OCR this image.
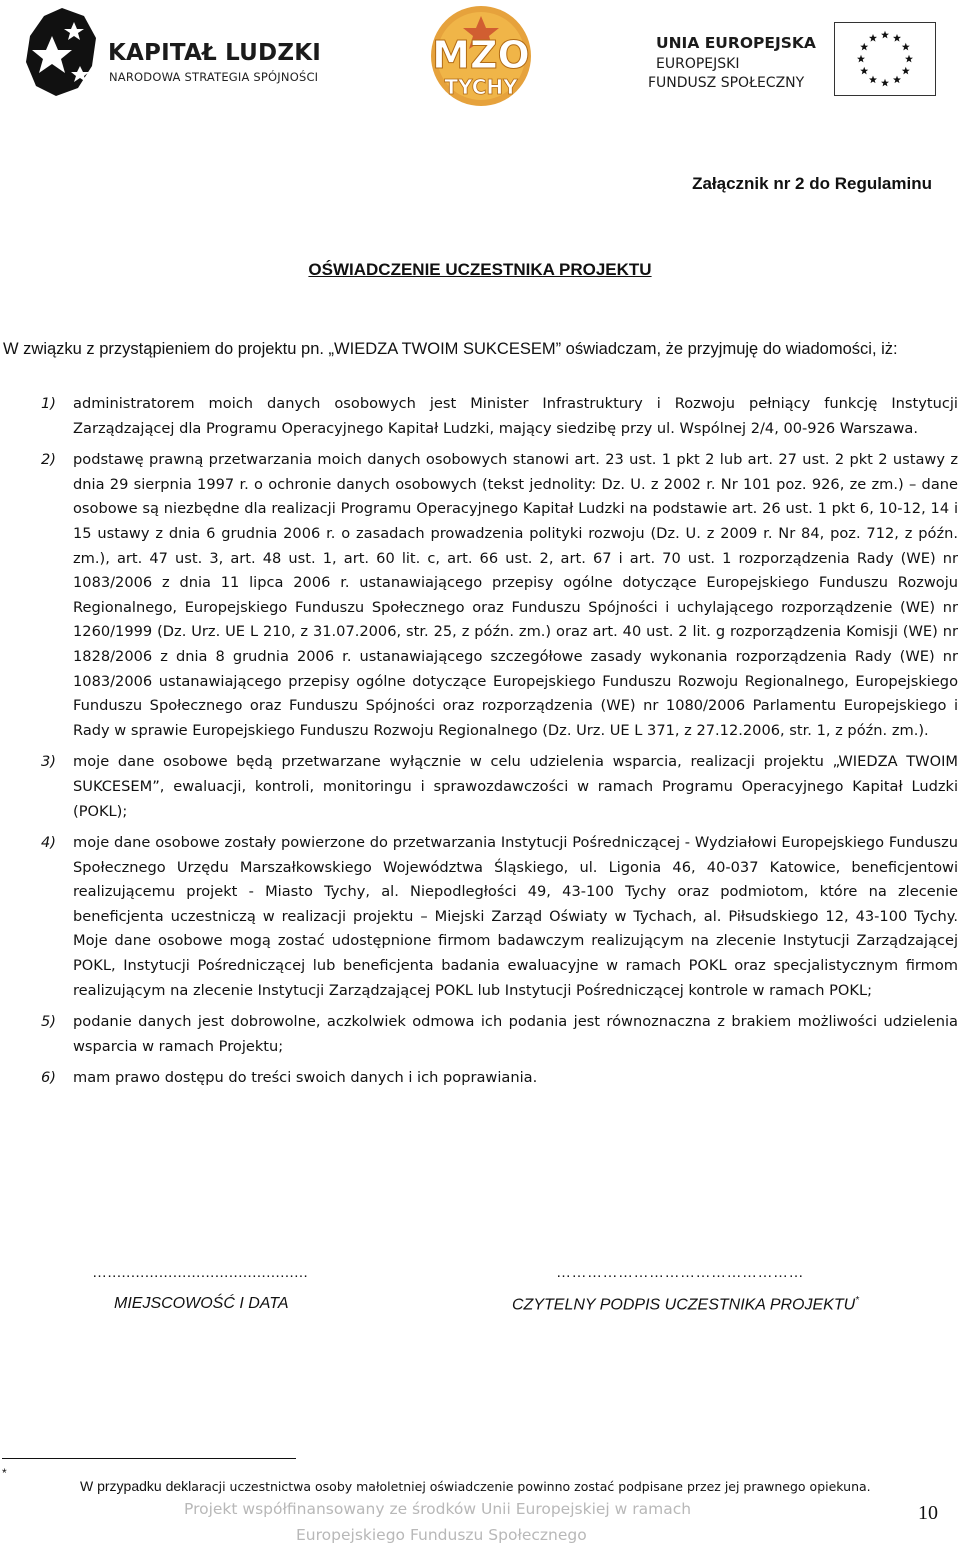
KAPITAŁ LUDZKI
NARODOWA STRATEGIA SPÓJNOŚCI	MZO
TYCHY
UNIA EUROPEJSKA
EUROPEJSKI
FUNDUSZ SPOŁECZNY
Załącznik nr 2 do Regulaminu
OŚWIADCZENIE UCZESTNIKA PROJEKTU
W związku z przystąpieniem do projektu pn. „WIEDZA TWOIM SUKCESEM” oświadczam, że przyjmuję do wiadomości, iż:
1) administratorem moich danych osobowych jest Minister Infrastruktury i Rozwoju pełniący funkcję Instytucji Zarządzającej dla Programu Operacyjnego Kapitał Ludzki, mający siedzibę przy ul. Wspólnej 2/4, 00-926 Warszawa.
2) podstawę prawną przetwarzania moich danych osobowych stanowi art. 23 ust. 1 pkt 2 lub art. 27 ust. 2 pkt 2 ustawy z dnia 29 sierpnia 1997 r. o ochronie danych osobowych (tekst jednolity: Dz. U. z 2002 r. Nr 101 poz. 926, ze zm.) – dane osobowe są niezbędne dla realizacji Programu Operacyjnego Kapitał Ludzki na podstawie art. 26 ust. 1 pkt 6, 10-12, 14 i 15 ustawy z dnia 6 grudnia 2006 r. o zasadach prowadzenia polityki rozwoju (Dz. U. z 2009 r. Nr 84, poz. 712, z późn. zm.), art. 47 ust. 3, art. 48 ust. 1, art. 60 lit. c, art. 66 ust. 2, art. 67 i art. 70 ust. 1 rozporządzenia Rady (WE) nr 1083/2006 z dnia 11 lipca 2006 r. ustanawiającego przepisy ogólne dotyczące Europejskiego Funduszu Rozwoju Regionalnego, Europejskiego Funduszu Społecznego oraz Funduszu Spójności i uchylającego rozporządzenie (WE) nr 1260/1999 (Dz. Urz. UE L 210, z 31.07.2006, str. 25, z późn. zm.) oraz art. 40 ust. 2 lit. g rozporządzenia Komisji (WE) nr 1828/2006 z dnia 8 grudnia 2006 r. ustanawiającego szczegółowe zasady wykonania rozporządzenia Rady (WE) nr 1083/2006 ustanawiającego przepisy ogólne dotyczące Europejskiego Funduszu Rozwoju Regionalnego, Europejskiego Funduszu Społecznego oraz Funduszu Spójności oraz rozporządzenia (WE) nr 1080/2006 Parlamentu Europejskiego i Rady w sprawie Europejskiego Funduszu Rozwoju Regionalnego (Dz. Urz. UE L 371, z 27.12.2006, str. 1, z późn. zm.).
3) moje dane osobowe będą przetwarzane wyłącznie w celu udzielenia wsparcia, realizacji projektu „WIEDZA TWOIM SUKCESEM”, ewaluacji, kontroli, monitoringu i sprawozdawczości w ramach Programu Operacyjnego Kapitał Ludzki (POKL);
4) moje dane osobowe zostały powierzone do przetwarzania Instytucji Pośredniczącej - Wydziałowi Europejskiego Funduszu Społecznego Urzędu Marszałkowskiego Województwa Śląskiego, ul. Ligonia 46, 40-037 Katowice, beneficjentowi realizującemu projekt - Miasto Tychy, al. Niepodległości 49, 43-100 Tychy oraz podmiotom, które na zlecenie beneficjenta uczestniczą w realizacji projektu – Miejski Zarząd Oświaty w Tychach, al. Piłsudskiego 12, 43-100 Tychy. Moje dane osobowe mogą zostać udostępnione firmom badawczym realizującym na zlecenie Instytucji Zarządzającej POKL, Instytucji Pośredniczącej lub beneficjenta badania ewaluacyjne w ramach POKL oraz specjalistycznym firmom realizującym na zlecenie Instytucji Zarządzającej POKL lub Instytucji Pośredniczącej kontrole w ramach POKL;
5) podanie danych jest dobrowolne, aczkolwiek odmowa ich podania jest równoznaczna z brakiem możliwości udzielenia wsparcia w ramach Projektu;
6) mam prawo dostępu do treści swoich danych i ich poprawiania.
…...........................................	…………………………………………
MIEJSCOWOŚĆ I DATA	CZYTELNY PODPIS UCZESTNIKA PROJEKTU*
*
W przypadku deklaracji uczestnictwa osoby małoletniej oświadczenie powinno zostać podpisane przez jej prawnego opiekuna.
Projekt współfinansowany ze środków Unii Europejskiej w ramach
Europejskiego Funduszu Społecznego
10
